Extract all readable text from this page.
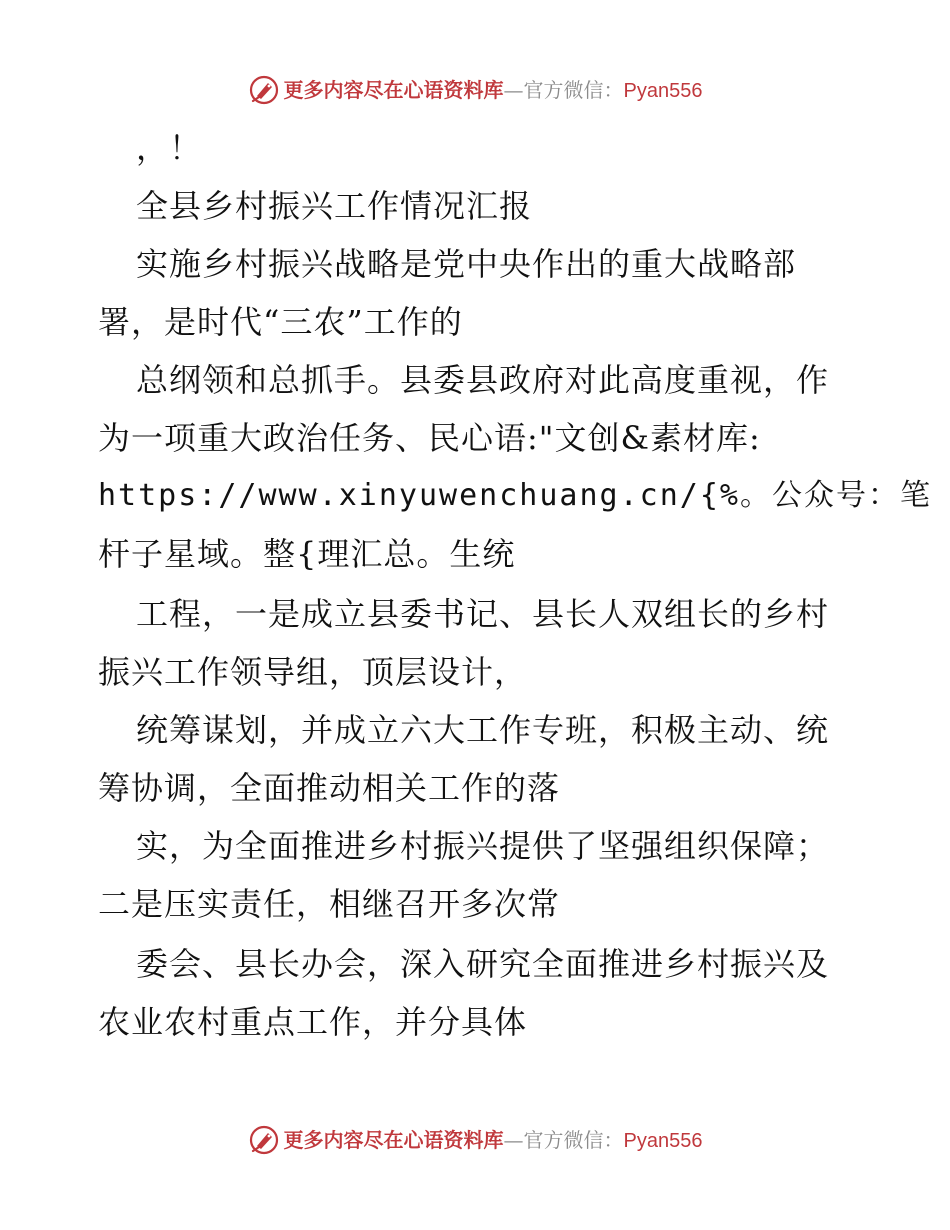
更多内容尽在心语资料库—官方微信：Pyan556
，！
全县乡村振兴工作情况汇报
实施乡村振兴战略是党中央作出的重大战略部
署，是时代“三农”工作的
总纲领和总抓手。县委县政府对此高度重视，作
为一项重大政治任务、民心语:"文创&素材库:
https://www.xinyuwenchuang.cn/{%。公众号：笔
杆子星域。整{理汇总。生统
工程，一是成立县委书记、县长人双组长的乡村
振兴工作领导组，顶层设计，
统筹谋划，并成立六大工作专班，积极主动、统
筹协调，全面推动相关工作的落
实，为全面推进乡村振兴提供了坚强组织保障；
二是压实责任，相继召开多次常
委会、县长办会，深入研究全面推进乡村振兴及
农业农村重点工作，并分具体
更多内容尽在心语资料库—官方微信：Pyan556
